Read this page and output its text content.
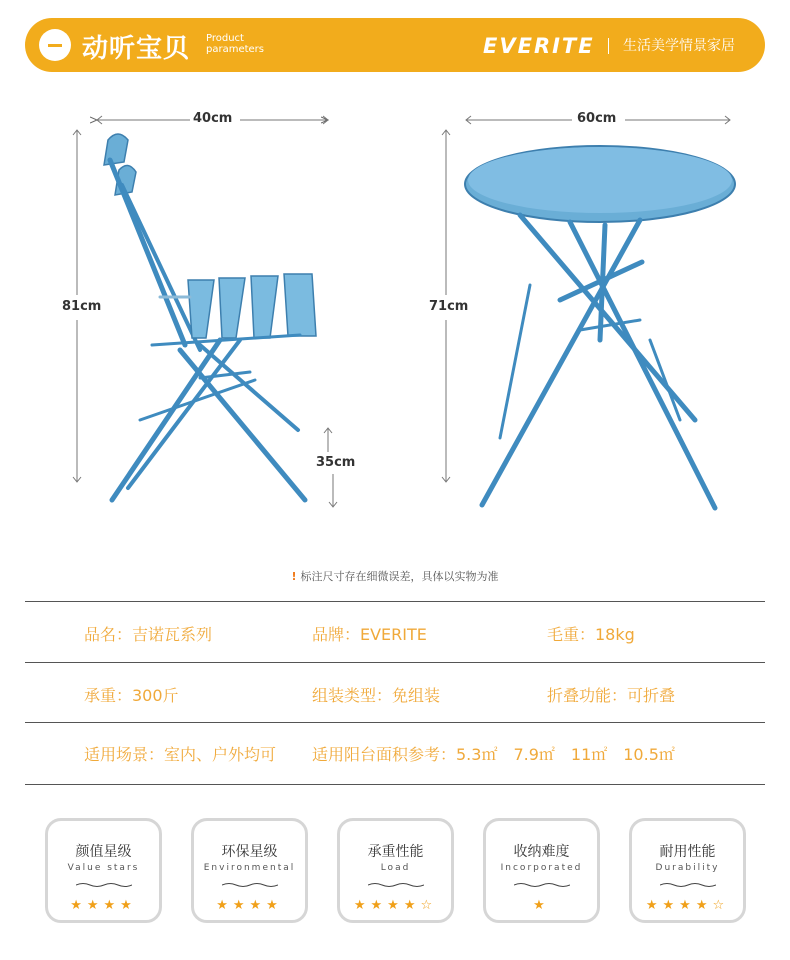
动听宝贝 Product
parameters	EVERITE 生活美学情景家居
40cm
81cm
35cm
60cm
71cm
! 标注尺寸存在细微误差，具体以实物为准
品名：吉诺瓦系列	品牌：EVERITE	毛重：18kg
承重：300斤	组装类型：免组装	折叠功能：可折叠
适用场景：室内、户外均可 适用阳台面积参考：5.3㎡　7.9㎡　11㎡　10.5㎡
颜值星级
Value stars
★★★★
环保星级
Environmental
★★★★
承重性能
Load
★★★★☆
收纳难度
Incorporated
★
耐用性能
Durability
★★★★☆
